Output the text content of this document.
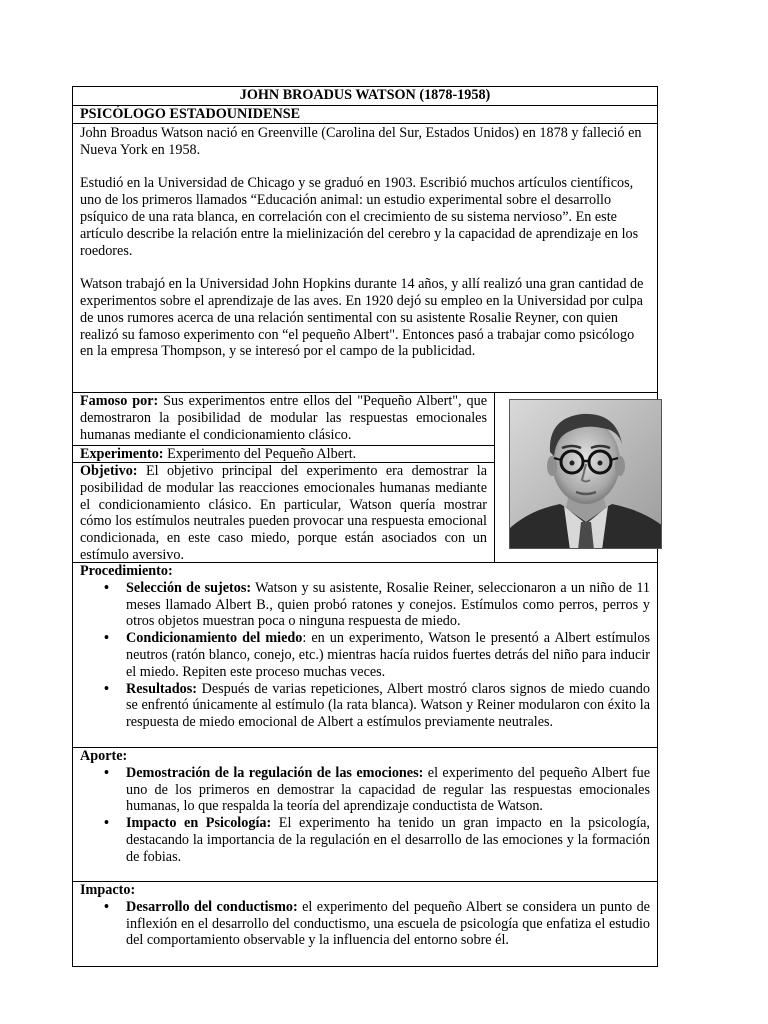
JOHN BROADUS WATSON (1878-1958)
PSICÓLOGO ESTADOUNIDENSE

John Broadus Watson nació en Greenville (Carolina del Sur, Estados Unidos) en 1878 y falleció en Nueva York en 1958.

Estudió en la Universidad de Chicago y se graduó en 1903. Escribió muchos artículos científicos, uno de los primeros llamados “Educación animal: un estudio experimental sobre el desarrollo psíquico de una rata blanca, en correlación con el crecimiento de su sistema nervioso”. En este artículo describe la relación entre la mielinización del cerebro y la capacidad de aprendizaje en los roedores.

Watson trabajó en la Universidad John Hopkins durante 14 años, y allí realizó una gran cantidad de experimentos sobre el aprendizaje de las aves. En 1920 dejó su empleo en la Universidad por culpa de unos rumores acerca de una relación sentimental con su asistente Rosalie Reyner, con quien realizó su famoso experimento con “el pequeño Albert". Entonces pasó a trabajar como psicólogo en la empresa Thompson, y se interesó por el campo de la publicidad.

Famoso por: Sus experimentos entre ellos del "Pequeño Albert", que demostraron la posibilidad de modular las respuestas emocionales humanas mediante el condicionamiento clásico.
Experimento: Experimento del Pequeño Albert.
Objetivo: El objetivo principal del experimento era demostrar la posibilidad de modular las reacciones emocionales humanas mediante el condicionamiento clásico. En particular, Watson quería mostrar cómo los estímulos neutrales pueden provocar una respuesta emocional condicionada, en este caso miedo, porque están asociados con un estímulo aversivo.
Procedimiento:
• Selección de sujetos: Watson y su asistente, Rosalie Reiner, seleccionaron a un niño de 11 meses llamado Albert B., quien probó ratones y conejos. Estímulos como perros, perros y otros objetos muestran poca o ninguna respuesta de miedo.
• Condicionamiento del miedo: en un experimento, Watson le presentó a Albert estímulos neutros (ratón blanco, conejo, etc.) mientras hacía ruidos fuertes detrás del niño para inducir el miedo. Repiten este proceso muchas veces.
• Resultados: Después de varias repeticiones, Albert mostró claros signos de miedo cuando se enfrentó únicamente al estímulo (la rata blanca). Watson y Reiner modularon con éxito la respuesta de miedo emocional de Albert a estímulos previamente neutrales.
Aporte:
• Demostración de la regulación de las emociones: el experimento del pequeño Albert fue uno de los primeros en demostrar la capacidad de regular las respuestas emocionales humanas, lo que respalda la teoría del aprendizaje conductista de Watson.
• Impacto en Psicología: El experimento ha tenido un gran impacto en la psicología, destacando la importancia de la regulación en el desarrollo de las emociones y la formación de fobias.
Impacto:
• Desarrollo del conductismo: el experimento del pequeño Albert se considera un punto de inflexión en el desarrollo del conductismo, una escuela de psicología que enfatiza el estudio del comportamiento observable y la influencia del entorno sobre él.
